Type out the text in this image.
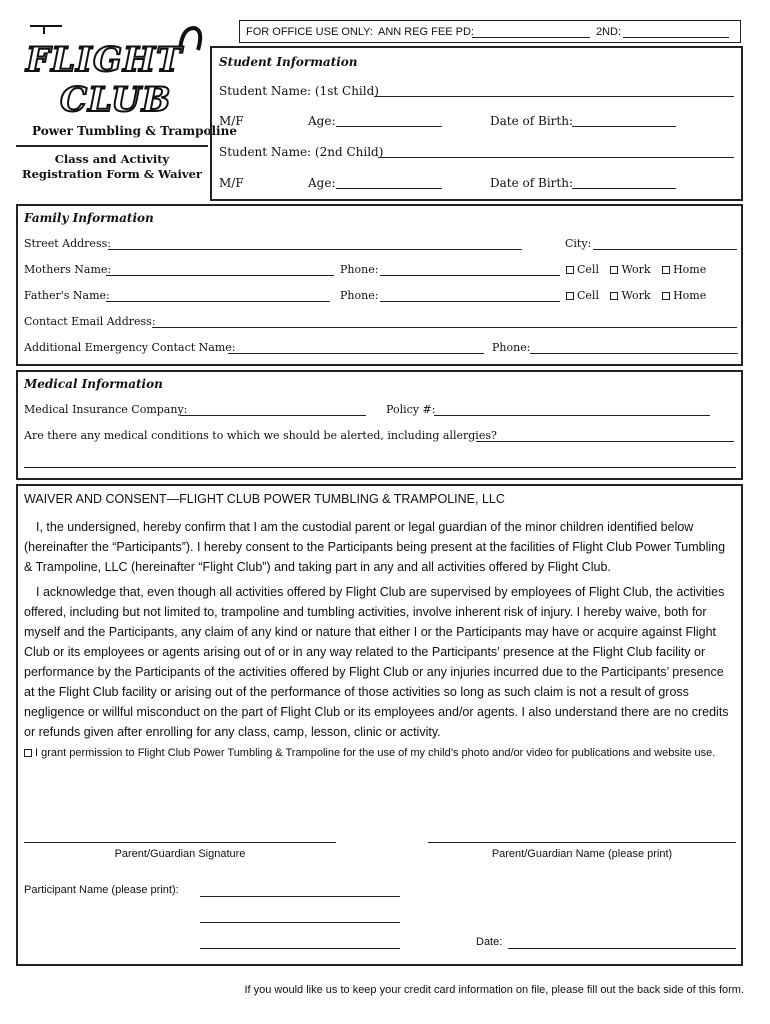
FOR OFFICE USE ONLY: ANN REG FEE PD:	2ND:
FLIGHT
CLUB
Power Tumbling & Trampoline
Class and Activity
Registration Form & Waiver
Student Information
Student Name: (1st Child)
M/F	Age:	Date of Birth:
Student Name: (2nd Child)
M/F	Age:	Date of Birth:
Family Information
Street Address:	City:
Mothers Name:	Phone:	Cell Work Home
Father's Name:	Phone:	Cell Work Home
Contact Email Address:
Additional Emergency Contact Name:	Phone:
Medical Information
Medical Insurance Company:	Policy #:
Are there any medical conditions to which we should be alerted, including allergies?
WAIVER AND CONSENT—FLIGHT CLUB POWER TUMBLING & TRAMPOLINE, LLC
I, the undersigned, hereby confirm that I am the custodial parent or legal guardian of the minor children identified below (hereinafter the “Participants”). I hereby consent to the Participants being present at the facilities of Flight Club Power Tumbling & Trampoline, LLC (hereinafter “Flight Club”) and taking part in any and all activities offered by Flight Club.
I acknowledge that, even though all activities offered by Flight Club are supervised by employees of Flight Club, the activities offered, including but not limited to, trampoline and tumbling activities, involve inherent risk of injury. I hereby waive, both for myself and the Participants, any claim of any kind or nature that either I or the Participants may have or acquire against Flight Club or its employees or agents arising out of or in any way related to the Participants’ presence at the Flight Club facility or performance by the Participants of the activities offered by Flight Club or any injuries incurred due to the Participants’ presence at the Flight Club facility or arising out of the performance of those activities so long as such claim is not a result of gross negligence or willful misconduct on the part of Flight Club or its employees and/or agents. I also understand there are no credits or refunds given after enrolling for any class, camp, lesson, clinic or activity.
I grant permission to Flight Club Power Tumbling & Trampoline for the use of my child’s photo and/or video for publications and website use.
Parent/Guardian Signature	Parent/Guardian Name (please print)
Participant Name (please print):
Date:
If you would like us to keep your credit card information on file, please fill out the back side of this form.
